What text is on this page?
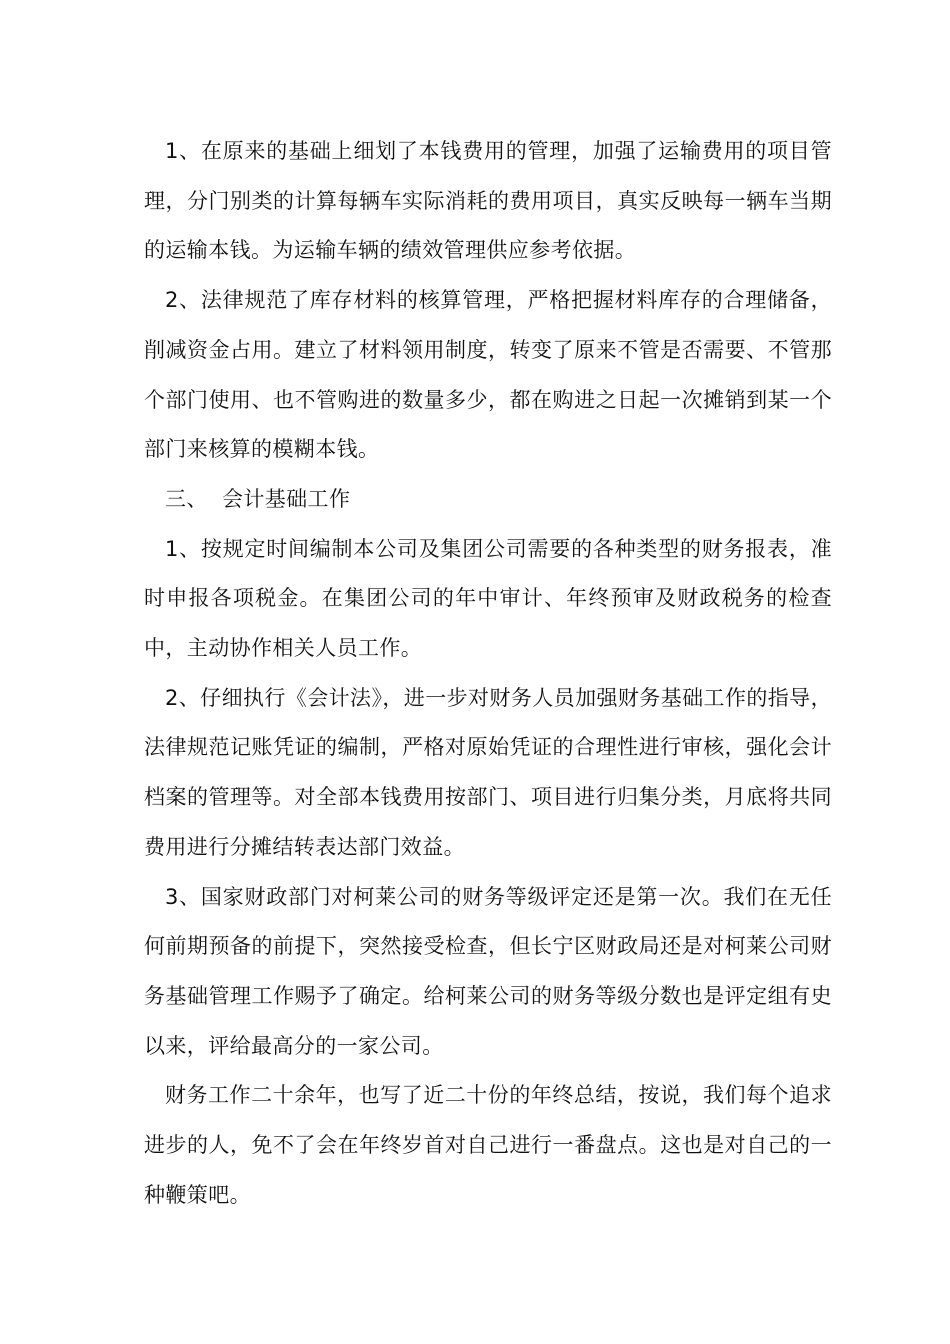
1、在原来的基础上细划了本钱费用的管理，加强了运输费用的项目管理，分门别类的计算每辆车实际消耗的费用项目，真实反映每一辆车当期的运输本钱。为运输车辆的绩效管理供应参考依据。

2、法律规范了库存材料的核算管理，严格把握材料库存的合理储备，削减资金占用。建立了材料领用制度，转变了原来不管是否需要、不管那个部门使用、也不管购进的数量多少，都在购进之日起一次摊销到某一个部门来核算的模糊本钱。

三、  会计基础工作

1、按规定时间编制本公司及集团公司需要的各种类型的财务报表，准时申报各项税金。在集团公司的年中审计、年终预审及财政税务的检查中，主动协作相关人员工作。

2、仔细执行《会计法》，进一步对财务人员加强财务基础工作的指导，法律规范记账凭证的编制，严格对原始凭证的合理性进行审核，强化会计档案的管理等。对全部本钱费用按部门、项目进行归集分类，月底将共同费用进行分摊结转表达部门效益。

3、国家财政部门对柯莱公司的财务等级评定还是第一次。我们在无任何前期预备的前提下，突然接受检查，但长宁区财政局还是对柯莱公司财务基础管理工作赐予了确定。给柯莱公司的财务等级分数也是评定组有史以来，评给最高分的一家公司。

财务工作二十余年，也写了近二十份的年终总结，按说，我们每个追求进步的人，免不了会在年终岁首对自己进行一番盘点。这也是对自己的一种鞭策吧。
